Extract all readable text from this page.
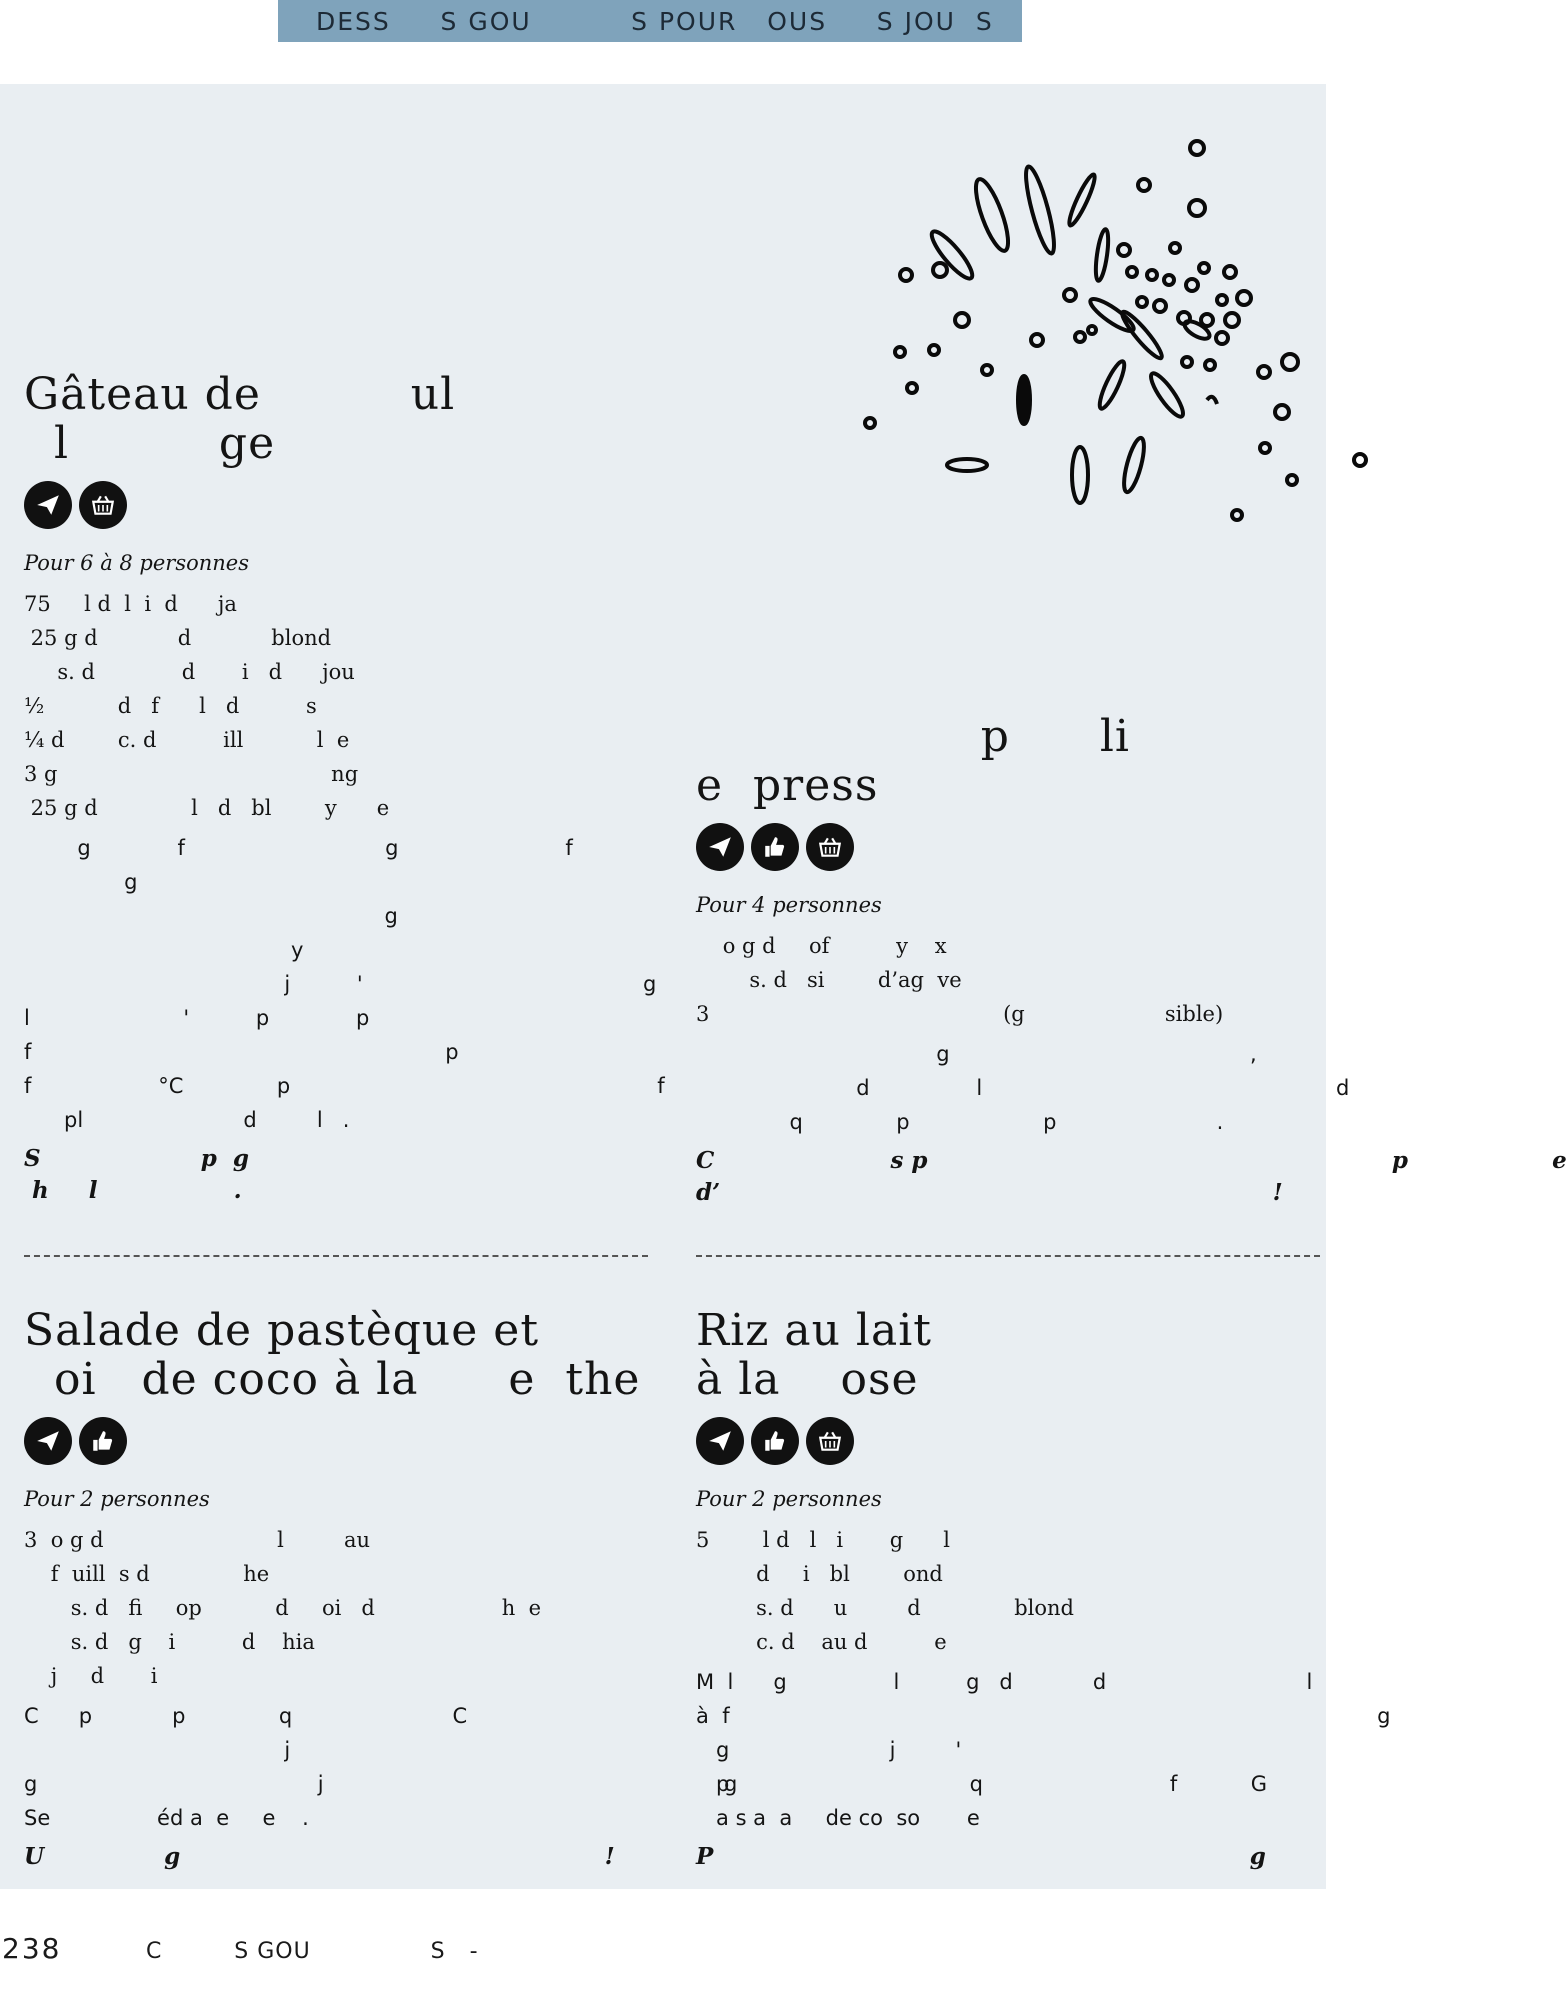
DESS     S GOU          S POUR   OUS     S JOU  S
Gâteau de          ul
l          ge
Pour 6 à 8 personnes
75     l d  l  i  d      ja
25 g d            d            blond
s. d             d       i   d      jou
½           d   f      l   d          s
¼ d        c. d          ill           l  e
3 g                                         ng
25 g d              l   d   bl        y      e
g             f                              g                         f
g
g
y
j          '
l                       '          p             p
f                                                              p
f                   °C              p
pl                        d         l   .
S                    p  g
h     l                 .
p      li
e  press
Pour 4 personnes
o g d     of          y    x
s. d   si        d’ag  ve
3                                            (g                     sible)
g                                             ,
d                l                                                     d
q              p                    p                        .
C                      s p                                                          p                  e
d’                                                                     !
Salade de pastèque et
oi   de coco à la      e  the
Pour 2 personnes
3  o g d                          l         au
f  uill  s d              he
s. d   fi     op           d     oi   d                   h  e
s. d   g    i          d    hia
j     d       i
C      p            p              q                        C
j
g                                          j
Se                éd a  e     e    .
U               g                                                     !
Riz au lait
à la    ose
Pour 2 personnes
5        l d   l   i       g      l
d     i   bl        ond
s. d      u         d              blond
c. d    au d          e
M  l      g                l          g   d            d                              l
à  f                                                                                                 g
g                        j         '
p                                    q                            f           G
a s a  a     de co  so       e
P                                                                   g

238

	C         S GOU               S   -
